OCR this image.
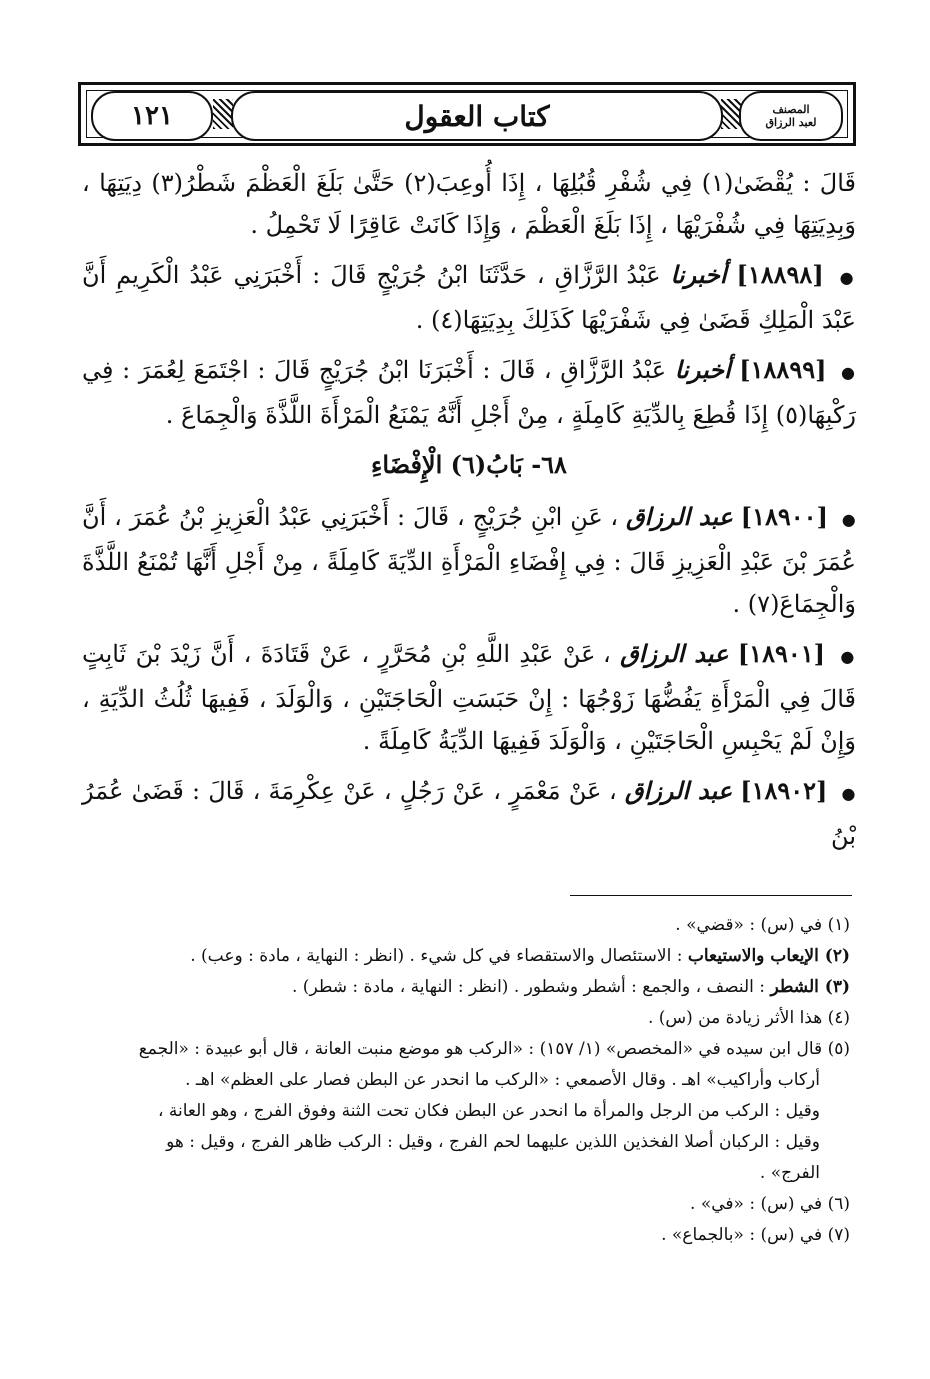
١٢١	كتاب العقول	المصنف
لعبد الرزاق

قَالَ : يُقْضَىٰ(١) فِي شُفْرِ قُبُلِهَا ، إِذَا أُوعِبَ(٢) حَتَّىٰ بَلَغَ الْعَظْمَ شَطْرُ(٣) دِيَتِهَا ، وَبِدِيَتِهَا فِي شُفْرَيْهَا ، إِذَا بَلَغَ الْعَظْمَ ، وَإِذَا كَانَتْ عَاقِرًا لَا تَحْمِلُ .

● [١٨٨٩٨] أخبرنا عَبْدُ الرَّزَّاقِ ، حَدَّثَنَا ابْنُ جُرَيْجٍ قَالَ : أَخْبَرَنِي عَبْدُ الْكَرِيمِ أَنَّ عَبْدَ الْمَلِكِ قَضَىٰ فِي شَفْرَيْهَا كَذَلِكَ بِدِيَتِهَا(٤) .

● [١٨٨٩٩] أخبرنا عَبْدُ الرَّزَّاقِ ، قَالَ : أَخْبَرَنَا ابْنُ جُرَيْجٍ قَالَ : اجْتَمَعَ لِعُمَرَ : فِي رَكْبِهَا(٥) إِذَا قُطِعَ بِالدِّيَةِ كَامِلَةٍ ، مِنْ أَجْلِ أَنَّهُ يَمْنَعُ الْمَرْأَةَ اللَّذَّةَ وَالْجِمَاعَ .

٦٨- بَابُ(٦) الْإِفْضَاءِ

● [١٨٩٠٠] عبد الرزاق ، عَنِ ابْنِ جُرَيْجٍ ، قَالَ : أَخْبَرَنِي عَبْدُ الْعَزِيزِ بْنُ عُمَرَ ، أَنَّ عُمَرَ بْنَ عَبْدِ الْعَزِيزِ قَالَ : فِي إِفْضَاءِ الْمَرْأَةِ الدِّيَةَ كَامِلَةً ، مِنْ أَجْلِ أَنَّهَا تُمْنَعُ اللَّذَّةَ وَالْجِمَاعَ(٧) .

● [١٨٩٠١] عبد الرزاق ، عَنْ عَبْدِ اللَّهِ بْنِ مُحَرَّرٍ ، عَنْ قَتَادَةَ ، أَنَّ زَيْدَ بْنَ ثَابِتٍ قَالَ فِي الْمَرْأَةِ يَفُضُّهَا زَوْجُهَا : إِنْ حَبَسَتِ الْحَاجَتَيْنِ ، وَالْوَلَدَ ، فَفِيهَا ثُلُثُ الدِّيَةِ ، وَإِنْ لَمْ يَحْبِسِ الْحَاجَتَيْنِ ، وَالْوَلَدَ فَفِيهَا الدِّيَةُ كَامِلَةً .

● [١٨٩٠٢] عبد الرزاق ، عَنْ مَعْمَرٍ ، عَنْ رَجُلٍ ، عَنْ عِكْرِمَةَ ، قَالَ : قَضَىٰ عُمَرُ بْنُ

(١) في (س) : «قضي» .

(٢) الإيعاب والاستيعاب : الاستئصال والاستقصاء في كل شيء . (انظر : النهاية ، مادة : وعب) .

(٣) الشطر : النصف ، والجمع : أشطر وشطور . (انظر : النهاية ، مادة : شطر) .

(٤) هذا الأثر زيادة من (س) .

(٥) قال ابن سيده في «المخصص» (١/ ١٥٧) : «الركب هو موضع منبت العانة ، قال أبو عبيدة : «الجمع

أركاب وأراكيب» اهـ . وقال الأصمعي : «الركب ما انحدر عن البطن فصار على العظم» اهـ .

وقيل : الركب من الرجل والمرأة ما انحدر عن البطن فكان تحت الثنة وفوق الفرج ، وهو العانة ،

وقيل : الركبان أصلا الفخذين اللذين عليهما لحم الفرج ، وقيل : الركب ظاهر الفرج ، وقيل : هو

الفرج» .

(٦) في (س) : «في» .

(٧) في (س) : «بالجماع» .
